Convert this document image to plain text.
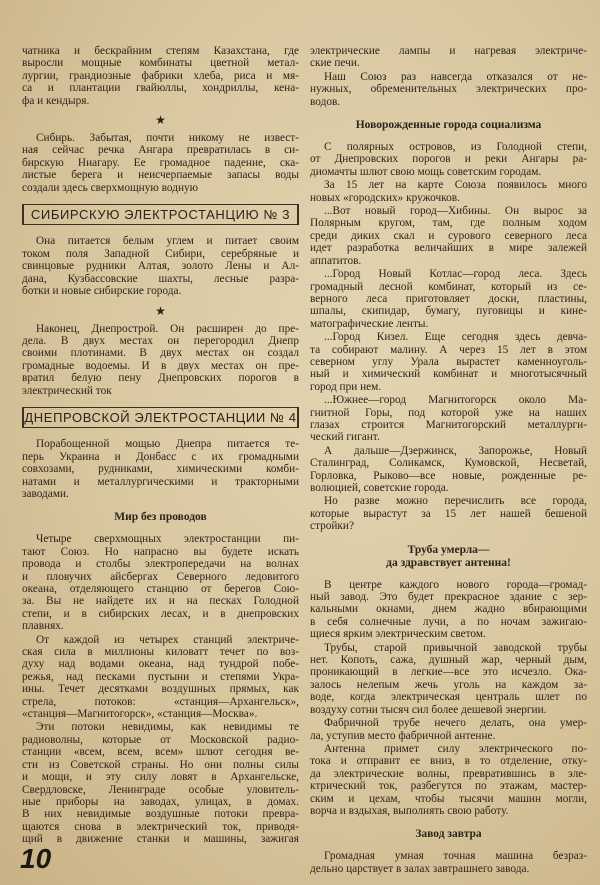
чатника и бескрайним степям Казахстана, где
выросли мощные комбинаты цветной метал-
лургии, грандиозные фабрики хлеба, риса и мя-
са и плантации гвайюллы, хондриллы, кена-
фа и кендыря.
★
Сибирь. Забытая, почти никому не извест-
ная сейчас речка Ангара превратилась в си-
бирскую Ниагару. Ее громадное падение, ска-
листые берега и неисчерпаемые запасы воды
создали здесь сверхмощную водную
СИБИРСКУЮ ЭЛЕКТРОСТАНЦИЮ № 3
Она питается белым углем и питает своим
током поля Западной Сибири, серебряные и
свинцовые рудники Алтая, золото Лены и Ал-
дана, Кузбассовские шахты, лесные разра-
ботки и новые сибирские города.
★
Наконец, Днепрострой. Он расширен до пре-
дела. В двух местах он перегородил Днепр
своими плотинами. В двух местах он создал
громадные водоемы. И в двух местах он пре-
вратил белую пену Днепровских порогов в
электрический ток
ДНЕПРОВСКОЙ ЭЛЕКТРОСТАНЦИИ № 4
Порабощенной мощью Днепра питается те-
перь Украина и Донбасс с их громадными
совхозами, рудниками, химическими комби-
натами и металлургическими и тракторными
заводами.
Мир без проводов
Четыре сверхмощных электростанции пи-
тают Союз. Но напрасно вы будете искать
провода и столбы электропередачи на волнах
и пловучих айсбергах Северного ледовитого
океана, отделяющего станцию от берегов Сою-
за. Вы не найдете их и на песках Голодной
степи, и в сибирских лесах, и в днепровских
плавнях.
От каждой из четырех станций электриче-
ская сила в миллионы киловатт течет по воз-
духу над водами океана, над тундрой побе-
режья, над песками пустыни и степями Укра-
ины. Течет десятками воздушных прямых, как
стрела, потоков: «станция—Архангельск»,
«станция—Магнитогорск», «станция—Москва».
Эти потоки невидимы, как невидимы те
радиоволны, которые от Московской радио-
станции «всем, всем, всем» шлют сегодня ве-
сти из Советской страны. Но они полны силы
и мощи, и эту силу ловят в Архангельске,
Свердловске, Ленинграде особые уловитель-
ные приборы на заводах, улицах, в домах.
В них невидимые воздушные потоки превра-
щаются снова в электрический ток, приводя-
щий в движение станки и машины, зажигая
электрические лампы и нагревая электриче-
ские печи.
Наш Союз раз навсегда отказался от не-
нужных, обременительных электрических про-
водов.
Новорожденные города социализма
С полярных островов, из Голодной степи,
от Днепровских порогов и реки Ангары ра-
диомачты шлют свою мощь советским городам.
За 15 лет на карте Союза появилось много
новых «городских» кружочков.
...Вот новый город—Хибины. Он вырос за
Полярным кругом, там, где полным ходом
среди диких скал и сурового северного леса
идет разработка величайших в мире залежей
аппатитов.
...Город Новый Котлас—город леса. Здесь
громадный лесной комбинат, который из се-
верного леса приготовляет доски, пластины,
шпалы, скипидар, бумагу, пуговицы и кине-
матографические ленты.
...Город Кизел. Еще сегодня здесь девча-
та собирают малину. А через 15 лет в этом
северном углу Урала вырастет каменноуголь-
ный и химический комбинат и многотысячный
город при нем.
...Южнее—город Магнитогорск около Ма-
гнитной Горы, под которой уже на наших
глазах строится Магнитогорский металлурги-
ческий гигант.
А дальше—Дзержинск, Запорожье, Новый
Сталинград, Соликамск, Кумовской, Несветай,
Горловка, Рыково—все новые, рожденные ре-
волюцией, советские города.
Но разве можно перечислить все города,
которые вырастут за 15 лет нашей бешеной
стройки?
Труба умерла—
да здравствует антенна!
В центре каждого нового города—громад-
ный завод. Это будет прекрасное здание с зер-
кальными окнами, днем жадно вбирающими
в себя солнечные лучи, а по ночам зажигаю-
щиеся ярким электрическим светом.
Трубы, старой привычной заводской трубы
нет. Копоть, сажа, душный жар, черный дым,
проникающий в легкие—все это исчезло. Ока-
залось нелепым жечь уголь на каждом за-
воде, когда электрическая централь шлет по
воздуху сотни тысяч сил более дешевой энергии.
Фабричной трубе нечего делать, она умер-
ла, уступив место фабричной антенне.
Антенна примет силу электрического по-
тока и отправит ее вниз, в то отделение, отку-
да электрические волны, превратившись в эле-
ктрический ток, разбегутся по этажам, мастер-
ским и цехам, чтобы тысячи машин могли,
ворча и вздыхая, выполнять свою работу.
Завод завтра
Громадная умная точная машина безраз-
дельно царствует в залах завтрашнего завода.
10
